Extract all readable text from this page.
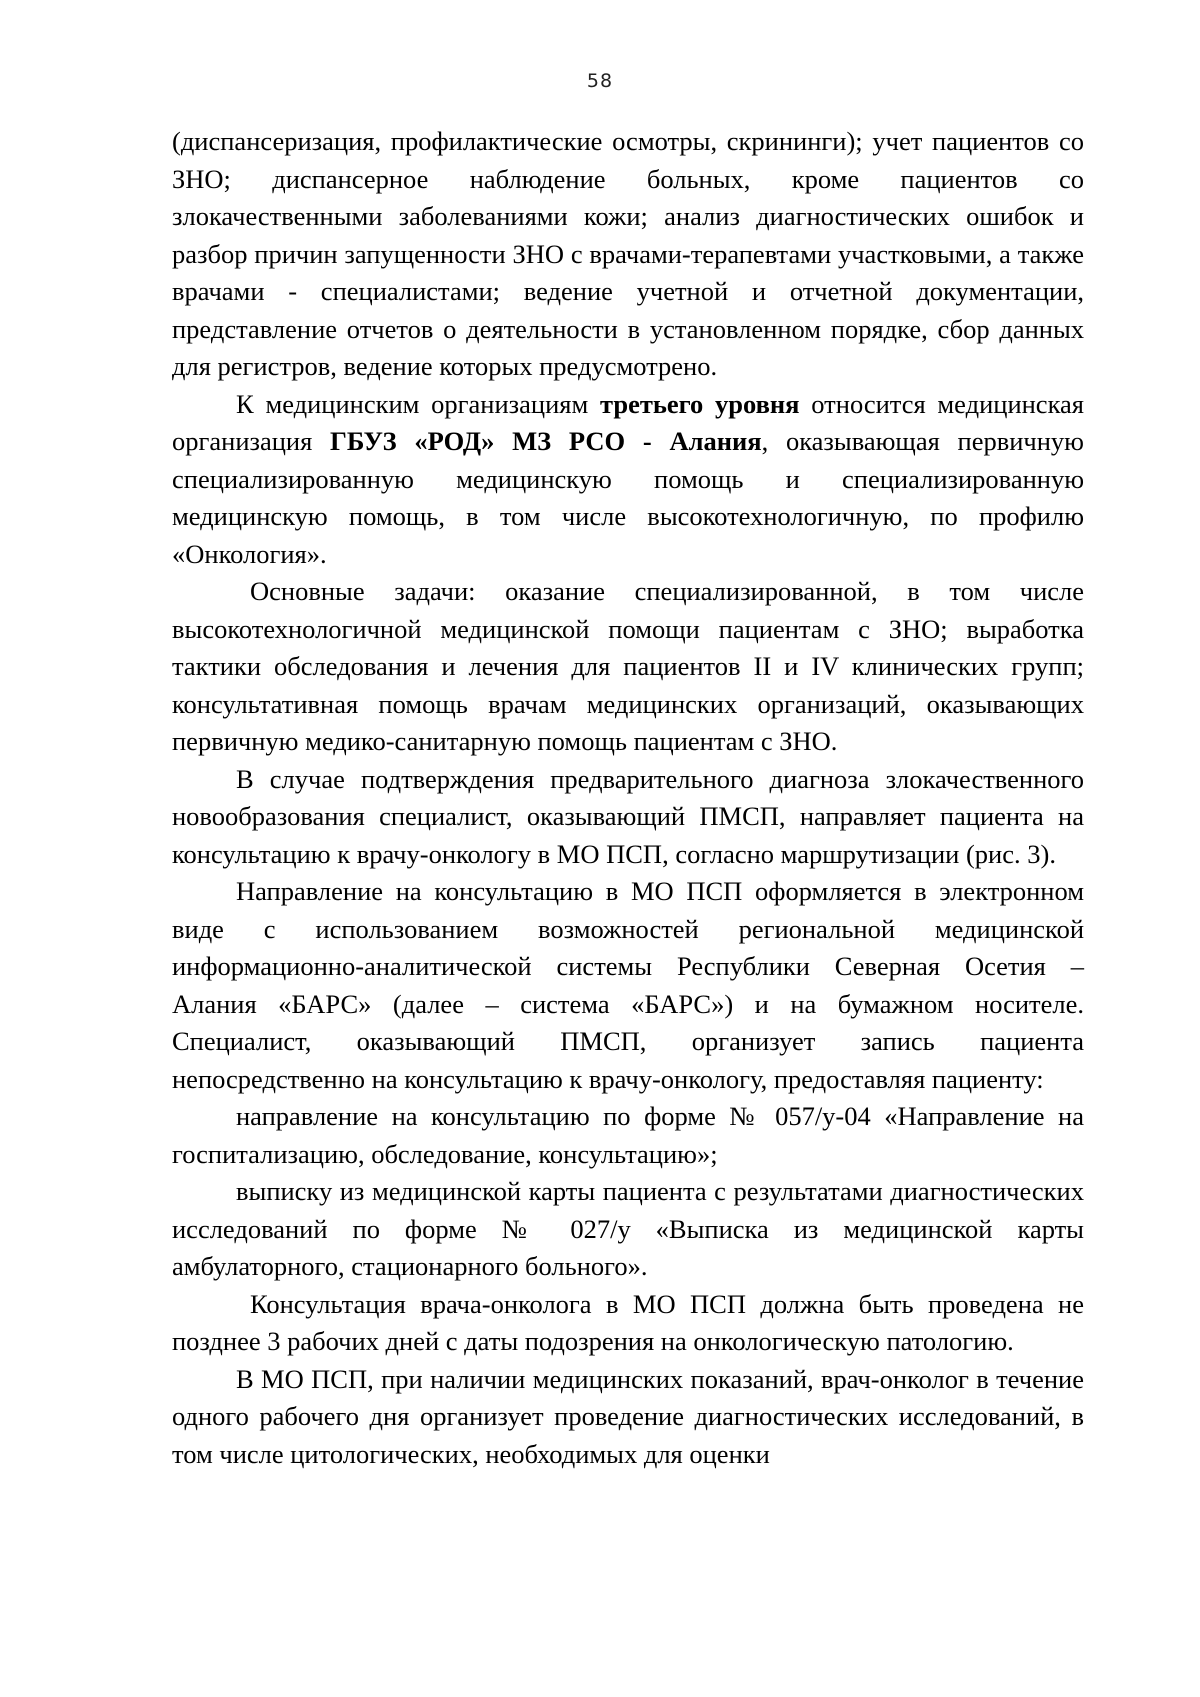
58

(диспансеризация, профилактические осмотры, скрининги); учет пациентов со ЗНО; диспансерное наблюдение больных, кроме пациентов со злокачественными заболеваниями кожи; анализ диагностических ошибок и разбор причин запущенности ЗНО с врачами-терапевтами участковыми, а также врачами - специалистами; ведение учетной и отчетной документации, представление отчетов о деятельности в установленном порядке, сбор данных для регистров, ведение которых предусмотрено.

К медицинским организациям третьего уровня относится медицинская организация ГБУЗ «РОД» МЗ РСО - Алания, оказывающая первичную специализированную медицинскую помощь и специализированную медицинскую помощь, в том числе высокотехнологичную, по профилю «Онкология».

Основные задачи: оказание специализированной, в том числе высокотехнологичной медицинской помощи пациентам с ЗНО; выработка тактики обследования и лечения для пациентов II и IV клинических групп; консультативная помощь врачам медицинских организаций, оказывающих первичную медико-санитарную помощь пациентам с ЗНО.

В случае подтверждения предварительного диагноза злокачественного новообразования специалист, оказывающий ПМСП, направляет пациента на консультацию к врачу-онкологу в МО ПСП, согласно маршрутизации (рис. 3).

Направление на консультацию в МО ПСП оформляется в электронном виде с использованием возможностей региональной медицинской информационно-аналитической системы Республики Северная Осетия – Алания «БАРС» (далее – система «БАРС») и на бумажном носителе. Специалист, оказывающий ПМСП, организует запись пациента непосредственно на консультацию к врачу-онкологу, предоставляя пациенту:

направление на консультацию по форме № 057/у-04 «Направление на госпитализацию, обследование, консультацию»;

выписку из медицинской карты пациента с результатами диагностических исследований по форме № 027/у «Выписка из медицинской карты амбулаторного, стационарного больного».

Консультация врача-онколога в МО ПСП должна быть проведена не позднее 3 рабочих дней с даты подозрения на онкологическую патологию.

В МО ПСП, при наличии медицинских показаний, врач-онколог в течение одного рабочего дня организует проведение диагностических исследований, в том числе цитологических, необходимых для оценки
